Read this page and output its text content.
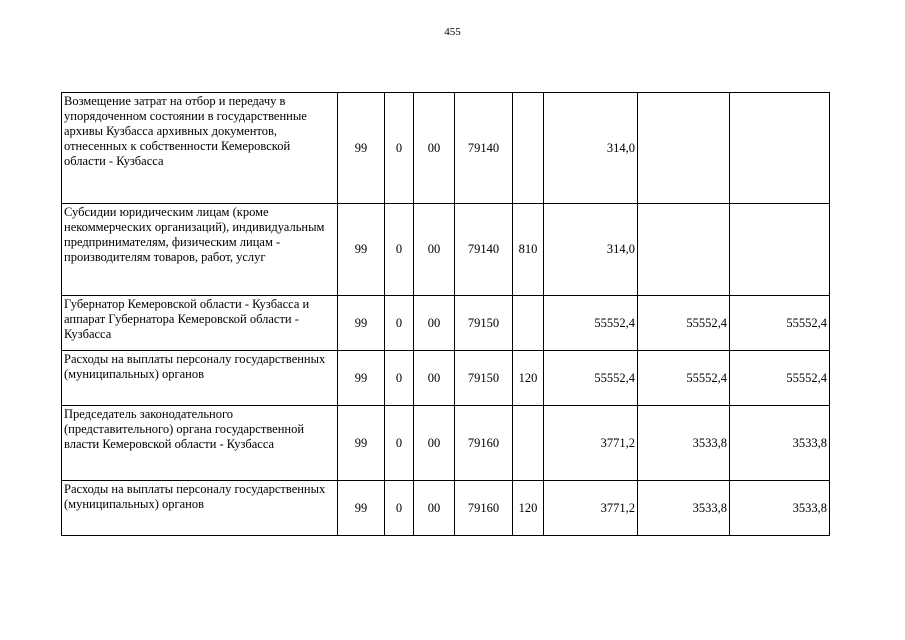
455
Возмещение затрат на отбор и передачу в упорядоченном состоянии в государственные архивы Кузбасса архивных документов, отнесенных к собственности Кемеровской области - Кузбасса	99	0	00	79140		314,0		
Субсидии юридическим лицам (кроме некоммерческих организаций), индивидуальным предпринимателям, физическим лицам - производителям товаров, работ, услуг	99	0	00	79140	810	314,0		
Губернатор Кемеровской области - Кузбасса и аппарат Губернатора Кемеровской области - Кузбасса	99	0	00	79150		55552,4	55552,4	55552,4
Расходы на выплаты персоналу государственных (муниципальных) органов	99	0	00	79150	120	55552,4	55552,4	55552,4
Председатель законодательного (представительного) органа государственной власти Кемеровской области - Кузбасса	99	0	00	79160		3771,2	3533,8	3533,8
Расходы на выплаты персоналу государственных (муниципальных) органов	99	0	00	79160	120	3771,2	3533,8	3533,8
